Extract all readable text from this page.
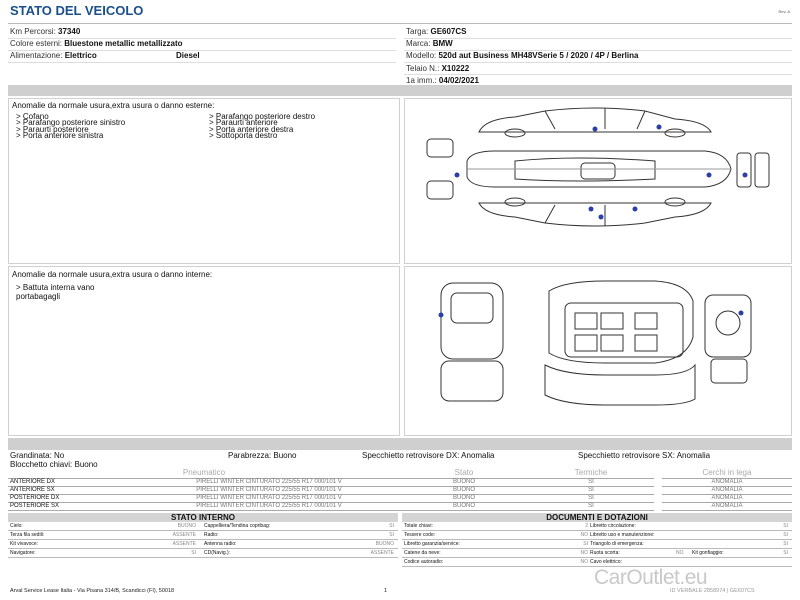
STATO DEL VEICOLO	Rev. A
Km Percorsi: 37340
Colore esterni: Bluestone metallic metallizzato
Alimentazione: Elettrico	Diesel
Targa: GE607CS
Marca: BMW
Modello: 520d aut Business MH48VSerie 5 / 2020 / 4P / Berlina
Telaio N.: X10222
1a imm.: 04/02/2021
Anomalie da normale usura,extra usura o danno esterne:
> Cofano
> Parafango posteriore sinistro
> Paraurti posteriore
> Porta anteriore sinistra
> Parafango posteriore destro
> Paraurti anteriore
> Porta anteriore destra
> Sottoporta destro
Anomalie da normale usura,extra usura o danno interne:
> Battuta interna vano
portabagagli
Grandinata: No	Parabrezza: Buono	Specchietto retrovisore DX: Anomalia	Specchietto retrovisore SX: Anomalia
Blocchetto chiavi: Buono
Pneumatico		Stato	Termiche		Cerchi in lega
ANTERIORE DX	PIRELLI WINTER CINTURATO 225/55 R17 000/101 V	BUONO	SI		ANOMALIA
ANTERIORE SX	PIRELLI WINTER CINTURATO 225/55 R17 000/101 V	BUONO	SI		ANOMALIA
POSTERIORE DX	PIRELLI WINTER CINTURATO 225/55 R17 000/101 V	BUONO	SI		ANOMALIA
POSTERIORE SX	PIRELLI WINTER CINTURATO 225/55 R17 000/101 V	BUONO	SI		ANOMALIA
STATO INTERNO
Cielo:	BUONO Cappelliera/Tendina copribag:	SI
Terza fila sedili:	ASSENTE Radio:	SI
Kit vivavoce:	ASSENTE Antenna radio:	BUONO
Navigatore:	SI CD(Navig.):	ASSENTE
DOCUMENTI E DOTAZIONI
Totale chiavi:	2 Libretto circolazione:	SI
Tessere code:	NO Libretto uso e manutenzione:	SI
Libretto garanzia/service:	SI Triangolo di emergenza:	SI
Catene da neve:	NO Ruota scorta:	NO Kit gonfiaggio:	SI
Codice autoradio:	NO Cavo elettrico:
Arval Service Lease Italia - Via Pisana 314/B, Scandicci (FI), 50018	1	ID VERBALE 2858974 | GE607CS
CarOutlet.eu
